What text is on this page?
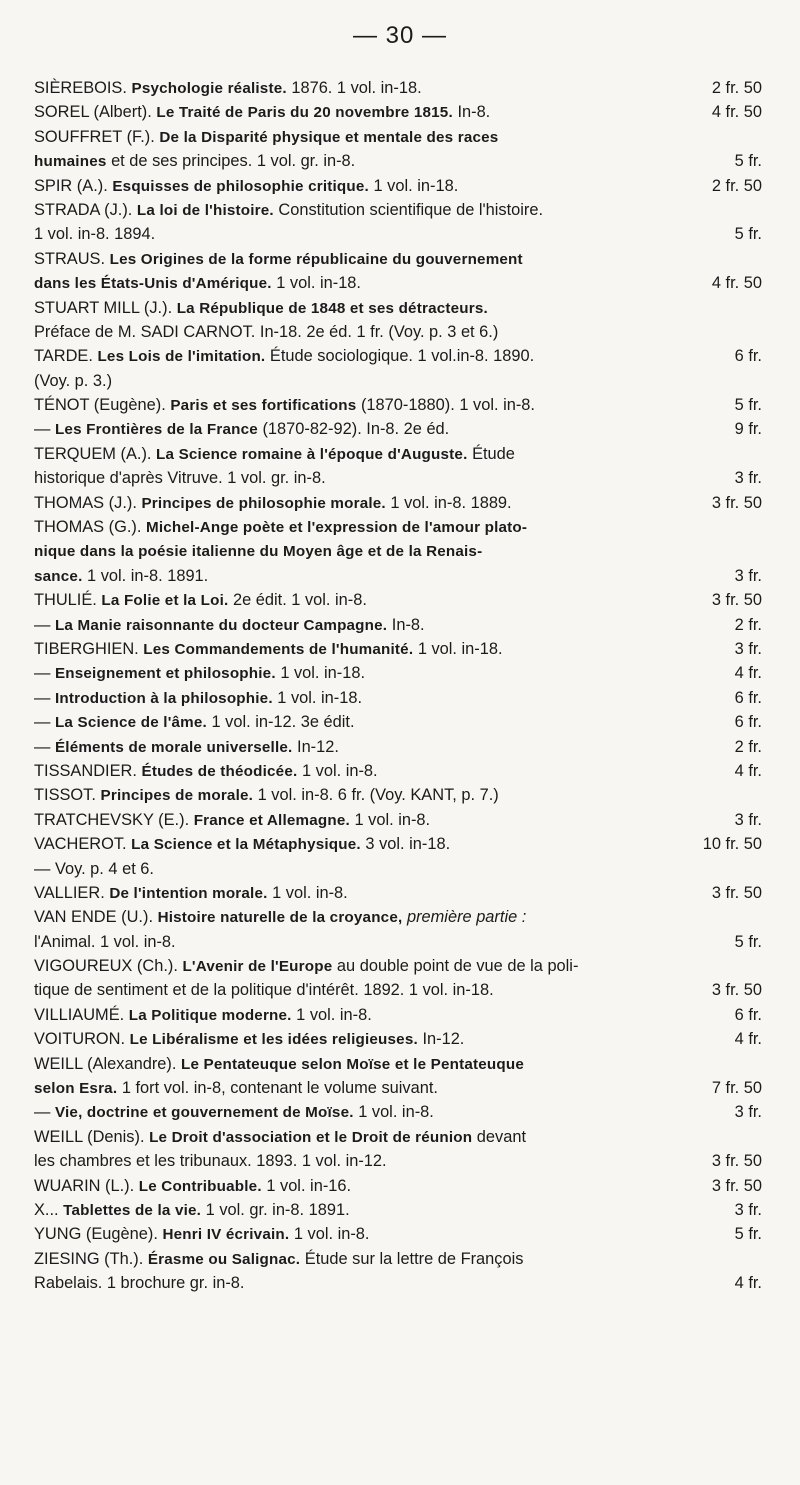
— 30 —
SIÈREBOIS. Psychologie réaliste. 1876. 1 vol. in-18.	2 fr. 50
SOREL (Albert). Le Traité de Paris du 20 novembre 1815. In-8.	4 fr. 50
SOUFFRET (F.). De la Disparité physique et mentale des races
humaines et de ses principes. 1 vol. gr. in-8.	5 fr.
SPIR (A.). Esquisses de philosophie critique. 1 vol. in-18.	2 fr. 50
STRADA (J.). La loi de l'histoire. Constitution scientifique de l'histoire.
1 vol. in-8. 1894.	5 fr.
STRAUS. Les Origines de la forme républicaine du gouvernement
dans les États-Unis d'Amérique. 1 vol. in-18.	4 fr. 50
STUART MILL (J.). La République de 1848 et ses détracteurs.
Préface de M. SADI CARNOT. In-18. 2e éd. 1 fr. (Voy. p. 3 et 6.)
TARDE. Les Lois de l'imitation. Étude sociologique. 1 vol.in-8. 1890.	6 fr.
(Voy. p. 3.)
TÉNOT (Eugène). Paris et ses fortifications (1870-1880). 1 vol. in-8.	5 fr.
— Les Frontières de la France (1870-82-92). In-8. 2e éd.	9 fr.
TERQUEM (A.). La Science romaine à l'époque d'Auguste. Étude
historique d'après Vitruve. 1 vol. gr. in-8.	3 fr.
THOMAS (J.). Principes de philosophie morale. 1 vol. in-8. 1889.	3 fr. 50
THOMAS (G.). Michel-Ange poète et l'expression de l'amour plato-
nique dans la poésie italienne du Moyen âge et de la Renais-
sance. 1 vol. in-8. 1891.	3 fr.
THULIÉ. La Folie et la Loi. 2e édit. 1 vol. in-8.	3 fr. 50
— La Manie raisonnante du docteur Campagne. In-8.	2 fr.
TIBERGHIEN. Les Commandements de l'humanité. 1 vol. in-18.	3 fr.
— Enseignement et philosophie. 1 vol. in-18.	4 fr.
— Introduction à la philosophie. 1 vol. in-18.	6 fr.
— La Science de l'âme. 1 vol. in-12. 3e édit.	6 fr.
— Éléments de morale universelle. In-12.	2 fr.
TISSANDIER. Études de théodicée. 1 vol. in-8.	4 fr.
TISSOT. Principes de morale. 1 vol. in-8. 6 fr. (Voy. KANT, p. 7.)
TRATCHEVSKY (E.). France et Allemagne. 1 vol. in-8.	3 fr.
VACHEROT. La Science et la Métaphysique. 3 vol. in-18.	10 fr. 50
— Voy. p. 4 et 6.
VALLIER. De l'intention morale. 1 vol. in-8.	3 fr. 50
VAN ENDE (U.). Histoire naturelle de la croyance, première partie :
l'Animal. 1 vol. in-8.	5 fr.
VIGOUREUX (Ch.). L'Avenir de l'Europe au double point de vue de la poli-
tique de sentiment et de la politique d'intérêt. 1892. 1 vol. in-18.	3 fr. 50
VILLIAUMÉ. La Politique moderne. 1 vol. in-8.	6 fr.
VOITURON. Le Libéralisme et les idées religieuses. In-12.	4 fr.
WEILL (Alexandre). Le Pentateuque selon Moïse et le Pentateuque
selon Esra. 1 fort vol. in-8, contenant le volume suivant.	7 fr. 50
— Vie, doctrine et gouvernement de Moïse. 1 vol. in-8.	3 fr.
WEILL (Denis). Le Droit d'association et le Droit de réunion devant
les chambres et les tribunaux. 1893. 1 vol. in-12.	3 fr. 50
WUARIN (L.). Le Contribuable. 1 vol. in-16.	3 fr. 50
X... Tablettes de la vie. 1 vol. gr. in-8. 1891.	3 fr.
YUNG (Eugène). Henri IV écrivain. 1 vol. in-8.	5 fr.
ZIESING (Th.). Érasme ou Salignac. Étude sur la lettre de François
Rabelais. 1 brochure gr. in-8.	4 fr.
